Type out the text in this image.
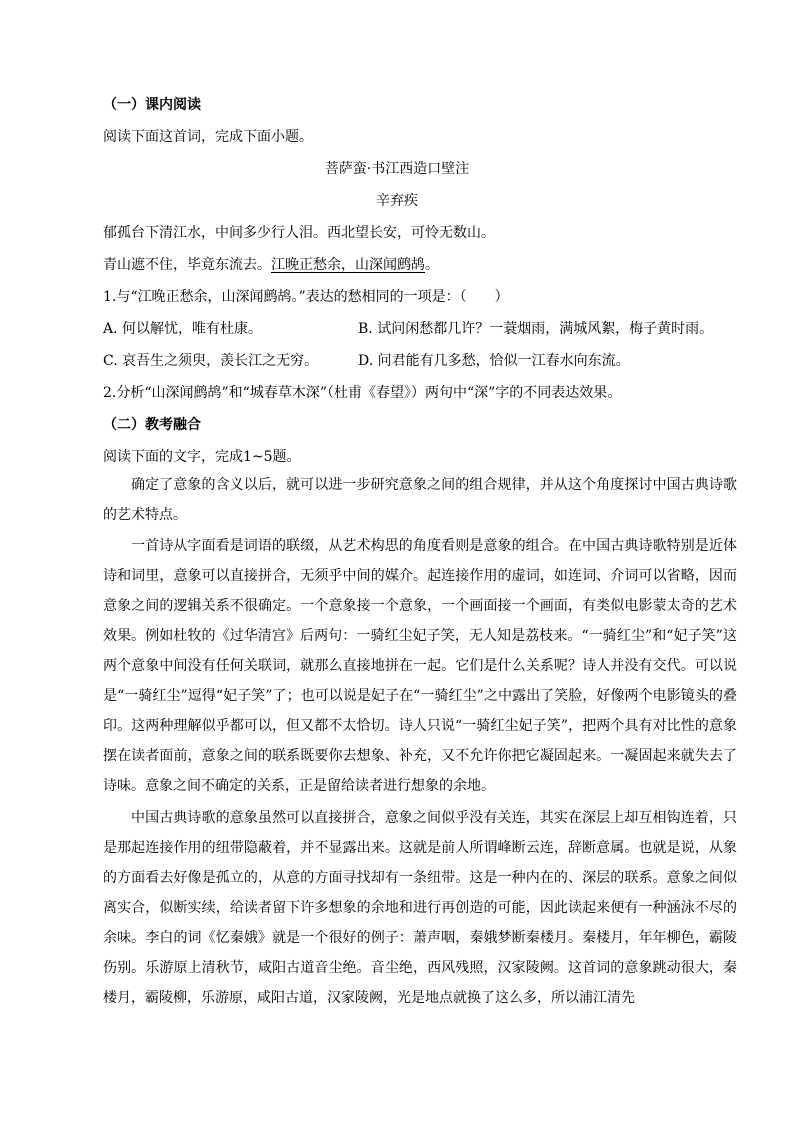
（一）课内阅读
阅读下面这首词，完成下面小题。
菩萨蛮·书江西造口壁注
辛弃疾
郁孤台下清江水，中间多少行人泪。西北望长安，可怜无数山。
青山遮不住，毕竟东流去。江晚正愁余，山深闻鹧鸪。
1.与“江晚正愁余，山深闻鹧鸪。”表达的愁相同的一项是：（　　）
A. 何以解忧，唯有杜康。	B. 试问闲愁都几许？一蓑烟雨，满城风絮，梅子黄时雨。
C. 哀吾生之须臾，羡长江之无穷。	D. 问君能有几多愁，恰似一江春水向东流。
2.分析“山深闻鹧鸪”和“城春草木深”（杜甫《春望》）两句中“深”字的不同表达效果。
（二）教考融合
阅读下面的文字，完成1~5题。

确定了意象的含义以后，就可以进一步研究意象之间的组合规律，并从这个角度探讨中国古典诗歌的艺术特点。

一首诗从字面看是词语的联缀，从艺术构思的角度看则是意象的组合。在中国古典诗歌特别是近体诗和词里，意象可以直接拼合，无须乎中间的媒介。起连接作用的虚词，如连词、介词可以省略，因而意象之间的逻辑关系不很确定。一个意象接一个意象，一个画面接一个画面，有类似电影蒙太奇的艺术效果。例如杜牧的《过华清宫》后两句：一骑红尘妃子笑，无人知是荔枝来。“一骑红尘”和“妃子笑”这两个意象中间没有任何关联词，就那么直接地拼在一起。它们是什么关系呢？诗人并没有交代。可以说是“一骑红尘”逗得“妃子笑”了；也可以说是妃子在“一骑红尘”之中露出了笑脸，好像两个电影镜头的叠印。这两种理解似乎都可以，但又都不太恰切。诗人只说“一骑红尘妃子笑”，把两个具有对比性的意象摆在读者面前，意象之间的联系既要你去想象、补充，又不允许你把它凝固起来。一凝固起来就失去了诗味。意象之间不确定的关系，正是留给读者进行想象的余地。

中国古典诗歌的意象虽然可以直接拼合，意象之间似乎没有关连，其实在深层上却互相钩连着，只是那起连接作用的纽带隐蔽着，并不显露出来。这就是前人所谓峰断云连，辞断意属。也就是说，从象的方面看去好像是孤立的，从意的方面寻找却有一条纽带。这是一种内在的、深层的联系。意象之间似离实合，似断实续，给读者留下许多想象的余地和进行再创造的可能，因此读起来便有一种涵泳不尽的余味。李白的词《忆秦娥》就是一个很好的例子：萧声咽，秦娥梦断秦楼月。秦楼月，年年柳色，霸陵伤别。乐游原上清秋节，咸阳古道音尘绝。音尘绝，西风残照，汉家陵阙。这首词的意象跳动很大，秦楼月，霸陵柳，乐游原，咸阳古道，汉家陵阙，光是地点就换了这么多，所以浦江清先
